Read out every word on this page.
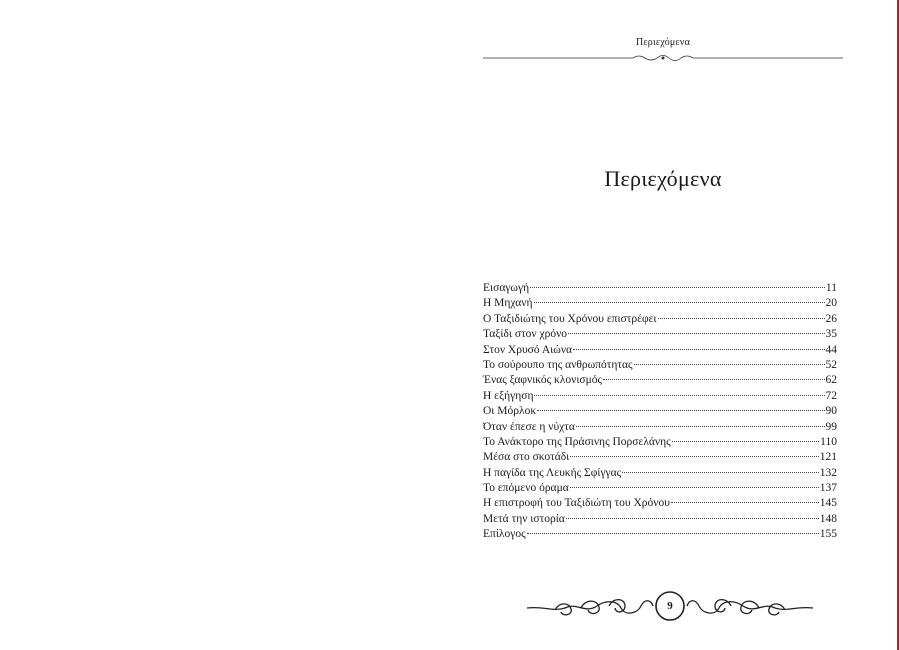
Περιεχόμενα
Περιεχόμενα
Εισαγωγή	11
Η Μηχανή	20
Ο Ταξιδιώτης του Χρόνου επιστρέφει	26
Ταξίδι στον χρόνο	35
Στον Χρυσό Αιώνα	44
Το σούρουπο της ανθρωπότητας	52
Ένας ξαφνικός κλονισμός	62
Η εξήγηση	72
Οι Μόρλοκ	90
Όταν έπεσε η νύχτα	99
Το Ανάκτορο της Πράσινης Πορσελάνης	110
Μέσα στο σκοτάδι	121
Η παγίδα της Λευκής Σφίγγας	132
Το επόμενο όραμα	137
Η επιστροφή του Ταξιδιώτη του Χρόνου	145
Μετά την ιστορία	148
Επίλογος	155
9
